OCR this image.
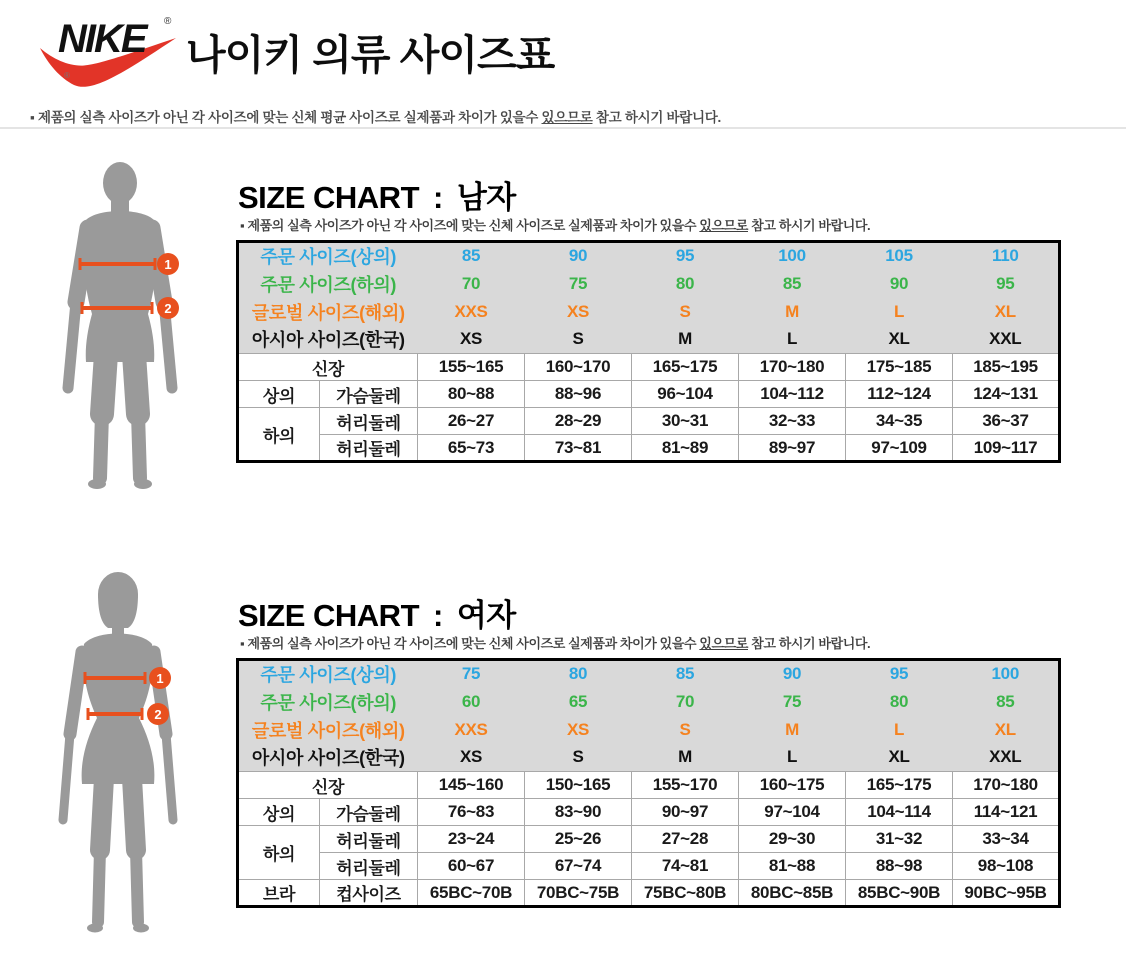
NIKE	®
®	나이키 의류 사이즈표
▪ 제품의 실측 사이즈가 아닌 각 사이즈에 맞는 신체 평균 사이즈로 실제품과 차이가 있을수 있으므로 참고 하시기 바랍니다.
1
2
SIZE CHART : 남자
▪ 제품의 실측 사이즈가 아닌 각 사이즈에 맞는 신체 사이즈로 실제품과 차이가 있을수 있으므로 참고 하시기 바랍니다.
주문 사이즈(상의)		85	90	95	100	105	110
주문 사이즈(하의)		70	75	80	85	90	95
글로벌 사이즈(해외)		XXS	XS	S	M	L	XL
아시아 사이즈(한국)		XS	S	M	L	XL	XXL
신장		155~165	160~170	165~175	170~180	175~185	185~195
상의	가슴둘레	80~88	88~96	96~104	104~112	112~124	124~131
하의	허리둘레	26~27	28~29	30~31	32~33	34~35	36~37
	허리둘레	65~73	73~81	81~89	89~97	97~109	109~117
1
2
SIZE CHART : 여자
▪ 제품의 실측 사이즈가 아닌 각 사이즈에 맞는 신체 사이즈로 실제품과 차이가 있을수 있으므로 참고 하시기 바랍니다.
주문 사이즈(상의)		75	80	85	90	95	100
주문 사이즈(하의)		60	65	70	75	80	85
글로벌 사이즈(해외)		XXS	XS	S	M	L	XL
아시아 사이즈(한국)		XS	S	M	L	XL	XXL
신장		145~160	150~165	155~170	160~175	165~175	170~180
상의	가슴둘레	76~83	83~90	90~97	97~104	104~114	114~121
하의	허리둘레	23~24	25~26	27~28	29~30	31~32	33~34
	허리둘레	60~67	67~74	74~81	81~88	88~98	98~108
브라	컵사이즈	65BC~70B	70BC~75B	75BC~80B	80BC~85B	85BC~90B	90BC~95B
